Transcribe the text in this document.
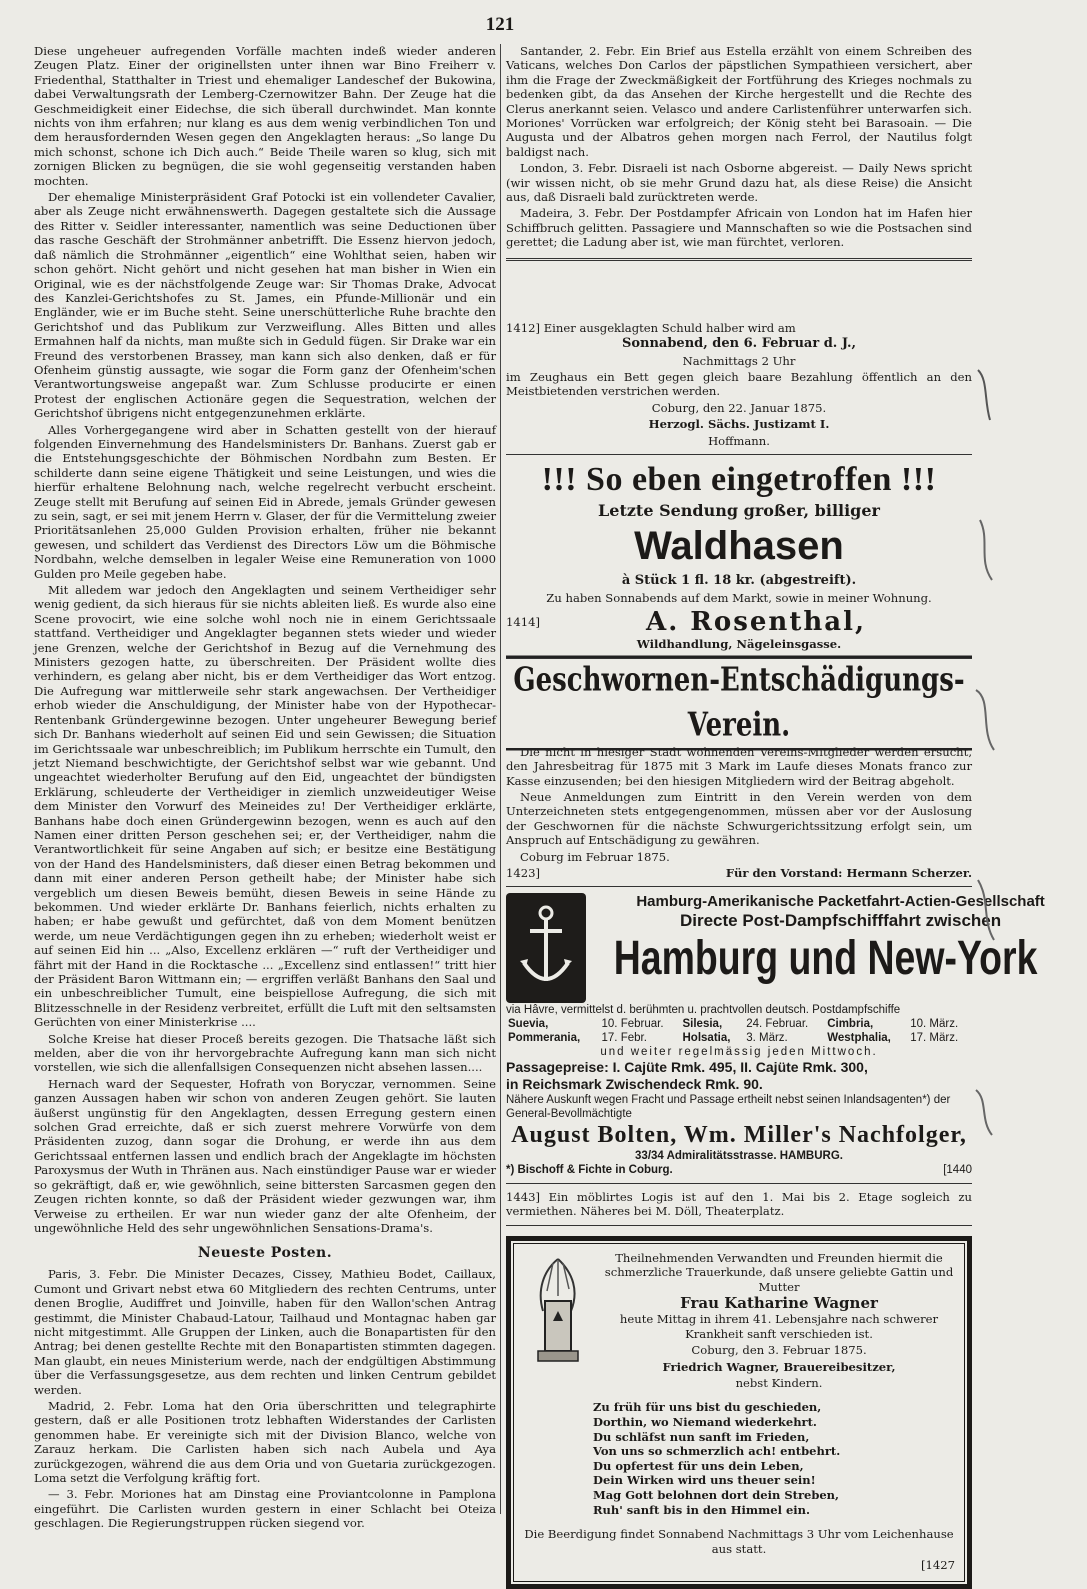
121

Diese ungeheuer aufregenden Vorfälle machten indeß wieder anderen Zeugen Platz. Einer der originellsten unter ihnen war Bino Freiherr v. Friedenthal, Statthalter in Triest und ehemaliger Landeschef der Bukowina, dabei Verwaltungsrath der Lemberg-Czernowitzer Bahn. Der Zeuge hat die Geschmeidigkeit einer Eidechse, die sich überall durchwindet. Man konnte nichts von ihm erfahren; nur klang es aus dem wenig verbindlichen Ton und dem herausfordernden Wesen gegen den Angeklagten heraus: „So lange Du mich schonst, schone ich Dich auch.“ Beide Theile waren so klug, sich mit zornigen Blicken zu begnügen, die sie wohl gegenseitig verstanden haben mochten.

Der ehemalige Ministerpräsident Graf Potocki ist ein vollendeter Cavalier, aber als Zeuge nicht erwähnenswerth. Dagegen gestaltete sich die Aussage des Ritter v. Seidler interessanter, namentlich was seine Deductionen über das rasche Geschäft der Strohmänner anbetrifft. Die Essenz hiervon jedoch, daß nämlich die Strohmänner „eigentlich“ eine Wohlthat seien, haben wir schon gehört. Nicht gehört und nicht gesehen hat man bisher in Wien ein Original, wie es der nächstfolgende Zeuge war: Sir Thomas Drake, Advocat des Kanzlei-Gerichtshofes zu St. James, ein Pfunde-Millionär und ein Engländer, wie er im Buche steht. Seine unerschütterliche Ruhe brachte den Gerichtshof und das Publikum zur Verzweiflung. Alles Bitten und alles Ermahnen half da nichts, man mußte sich in Geduld fügen. Sir Drake war ein Freund des verstorbenen Brassey, man kann sich also denken, daß er für Ofenheim günstig aussagte, wie sogar die Form ganz der Ofenheim'schen Verantwortungsweise angepaßt war. Zum Schlusse producirte er einen Protest der englischen Actionäre gegen die Sequestration, welchen der Gerichtshof übrigens nicht entgegenzunehmen erklärte.

Alles Vorhergegangene wird aber in Schatten gestellt von der hierauf folgenden Einvernehmung des Handelsministers Dr. Banhans. Zuerst gab er die Entstehungsgeschichte der Böhmischen Nordbahn zum Besten. Er schilderte dann seine eigene Thätigkeit und seine Leistungen, und wies die hierfür erhaltene Belohnung nach, welche regelrecht verbucht erscheint. Zeuge stellt mit Berufung auf seinen Eid in Abrede, jemals Gründer gewesen zu sein, sagt, er sei mit jenem Herrn v. Glaser, der für die Vermittelung zweier Prioritätsanlehen 25,000 Gulden Provision erhalten, früher nie bekannt gewesen, und schildert das Verdienst des Directors Löw um die Böhmische Nordbahn, welche demselben in legaler Weise eine Remuneration von 1000 Gulden pro Meile gegeben habe.

Mit alledem war jedoch den Angeklagten und seinem Vertheidiger sehr wenig gedient, da sich hieraus für sie nichts ableiten ließ. Es wurde also eine Scene provocirt, wie eine solche wohl noch nie in einem Gerichtssaale stattfand. Vertheidiger und Angeklagter begannen stets wieder und wieder jene Grenzen, welche der Gerichtshof in Bezug auf die Vernehmung des Ministers gezogen hatte, zu überschreiten. Der Präsident wollte dies verhindern, es gelang aber nicht, bis er dem Vertheidiger das Wort entzog. Die Aufregung war mittlerweile sehr stark angewachsen. Der Vertheidiger erhob wieder die Anschuldigung, der Minister habe von der Hypothecar-Rentenbank Gründergewinne bezogen. Unter ungeheurer Bewegung berief sich Dr. Banhans wiederholt auf seinen Eid und sein Gewissen; die Situation im Gerichtssaale war unbeschreiblich; im Publikum herrschte ein Tumult, den jetzt Niemand beschwichtigte, der Gerichtshof selbst war wie gebannt. Und ungeachtet wiederholter Berufung auf den Eid, ungeachtet der bündigsten Erklärung, schleuderte der Vertheidiger in ziemlich unzweideutiger Weise dem Minister den Vorwurf des Meineides zu! Der Vertheidiger erklärte, Banhans habe doch einen Gründergewinn bezogen, wenn es auch auf den Namen einer dritten Person geschehen sei; er, der Vertheidiger, nahm die Verantwortlichkeit für seine Angaben auf sich; er besitze eine Bestätigung von der Hand des Handelsministers, daß dieser einen Betrag bekommen und dann mit einer anderen Person getheilt habe; der Minister habe sich vergeblich um diesen Beweis bemüht, diesen Beweis in seine Hände zu bekommen. Und wieder erklärte Dr. Banhans feierlich, nichts erhalten zu haben; er habe gewußt und gefürchtet, daß von dem Moment benützen werde, um neue Verdächtigungen gegen ihn zu erheben; wiederholt weist er auf seinen Eid hin ... „Also, Excellenz erklären —“ ruft der Vertheidiger und fährt mit der Hand in die Rocktasche ... „Excellenz sind entlassen!“ tritt hier der Präsident Baron Wittmann ein; — ergriffen verläßt Banhans den Saal und ein unbeschreiblicher Tumult, eine beispiellose Aufregung, die sich mit Blitzesschnelle in der Residenz verbreitet, erfüllt die Luft mit den seltsamsten Gerüchten von einer Ministerkrise ....

Solche Kreise hat dieser Proceß bereits gezogen. Die Thatsache läßt sich melden, aber die von ihr hervorgebrachte Aufregung kann man sich nicht vorstellen, wie sich die allenfallsigen Consequenzen nicht absehen lassen....

Hernach ward der Sequester, Hofrath von Boryczar, vernommen. Seine ganzen Aussagen haben wir schon von anderen Zeugen gehört. Sie lauten äußerst ungünstig für den Angeklagten, dessen Erregung gestern einen solchen Grad erreichte, daß er sich zuerst mehrere Vorwürfe von dem Präsidenten zuzog, dann sogar die Drohung, er werde ihn aus dem Gerichtssaal entfernen lassen und endlich brach der Angeklagte im höchsten Paroxysmus der Wuth in Thränen aus. Nach einstündiger Pause war er wieder so gekräftigt, daß er, wie gewöhnlich, seine bittersten Sarcasmen gegen den Zeugen richten konnte, so daß der Präsident wieder gezwungen war, ihm Verweise zu ertheilen. Er war nun wieder ganz der alte Ofenheim, der ungewöhnliche Held des sehr ungewöhnlichen Sensations-Drama's.

Neueste Posten.

Paris, 3. Febr. Die Minister Decazes, Cissey, Mathieu Bodet, Caillaux, Cumont und Grivart nebst etwa 60 Mitgliedern des rechten Centrums, unter denen Broglie, Audiffret und Joinville, haben für den Wallon'schen Antrag gestimmt, die Minister Chabaud-Latour, Tailhaud und Montagnac haben gar nicht mitgestimmt. Alle Gruppen der Linken, auch die Bonapartisten für den Antrag; bei denen gestellte Rechte mit den Bonapartisten stimmten dagegen. Man glaubt, ein neues Ministerium werde, nach der endgültigen Abstimmung über die Verfassungsgesetze, aus dem rechten und linken Centrum gebildet werden.

Madrid, 2. Febr. Loma hat den Oria überschritten und telegraphirte gestern, daß er alle Positionen trotz lebhaften Widerstandes der Carlisten genommen habe. Er vereinigte sich mit der Division Blanco, welche von Zarauz herkam. Die Carlisten haben sich nach Aubela und Aya zurückgezogen, während die aus dem Oria und von Guetaria zurückgezogen. Loma setzt die Verfolgung kräftig fort.

— 3. Febr. Moriones hat am Dinstag eine Proviantcolonne in Pamplona eingeführt. Die Carlisten wurden gestern in einer Schlacht bei Oteiza geschlagen. Die Regierungstruppen rücken siegend vor.

Santander, 2. Febr. Ein Brief aus Estella erzählt von einem Schreiben des Vaticans, welches Don Carlos der päpstlichen Sympathieen versichert, aber ihm die Frage der Zweckmäßigkeit der Fortführung des Krieges nochmals zu bedenken gibt, da das Ansehen der Kirche hergestellt und die Rechte des Clerus anerkannt seien. Velasco und andere Carlistenführer unterwarfen sich. Moriones' Vorrücken war erfolgreich; der König steht bei Barasoain. — Die Augusta und der Albatros gehen morgen nach Ferrol, der Nautilus folgt baldigst nach.

London, 3. Febr. Disraeli ist nach Osborne abgereist. — Daily News spricht (wir wissen nicht, ob sie mehr Grund dazu hat, als diese Reise) die Ansicht aus, daß Disraeli bald zurücktreten werde.

Madeira, 3. Febr. Der Postdampfer Africain von London hat im Hafen hier Schiffbruch gelitten. Passagiere und Mannschaften so wie die Postsachen sind gerettet; die Ladung aber ist, wie man fürchtet, verloren.

1412] Einer ausgeklagten Schuld halber wird am

Sonnabend, den 6. Februar d. J.,

Nachmittags 2 Uhr

im Zeughaus ein Bett gegen gleich baare Bezahlung öffentlich an den Meistbietenden verstrichen werden.

Coburg, den 22. Januar 1875.

Herzogl. Sächs. Justizamt I.

Hoffmann.

!!! So eben eingetroffen !!!
Letzte Sendung großer, billiger
Waldhasen
à Stück 1 fl. 18 kr. (abgestreift).

Zu haben Sonnabends auf dem Markt, sowie in meiner Wohnung.

1414]	A. Rosenthal,

Wildhandlung, Nägeleinsgasse.

Geschwornen-Entschädigungs-Verein.

Die nicht in hiesiger Stadt wohnenden Vereins-Mitglieder werden ersucht, den Jahresbeitrag für 1875 mit 3 Mark im Laufe dieses Monats franco zur Kasse einzusenden; bei den hiesigen Mitgliedern wird der Beitrag abgeholt.

Neue Anmeldungen zum Eintritt in den Verein werden von dem Unterzeichneten stets entgegengenommen, müssen aber vor der Auslosung der Geschwornen für die nächste Schwurgerichtssitzung erfolgt sein, um Anspruch auf Entschädigung zu gewähren.

Coburg im Februar 1875.

1423]	Für den Vorstand: Hermann Scherzer.
Hamburg-Amerikanische Packetfahrt-Actien-Gesellschaft
Directe Post-Dampfschifffahrt zwischen
Hamburg und New-York
via Hâvre, vermittelst d. berühmten u. prachtvollen deutsch. Postdampfschiffe
Suevia,	10. Februar.	Silesia,	24. Februar.	Cimbria,	10. März.
Pommerania,	17. Febr.	Holsatia,	3. März.	Westphalia,	17. März.
und weiter regelmässig jeden Mittwoch.
Passagepreise: I. Cajüte Rmk. 495, II. Cajüte Rmk. 300,
in Reichsmark Zwischendeck Rmk. 90.
Nähere Auskunft wegen Fracht und Passage ertheilt nebst seinen Inlandsagenten*) der General-Bevollmächtigte
August Bolten, Wm. Miller's Nachfolger,
33/34 Admiralitätsstrasse. HAMBURG.
*) Bischoff & Fichte in Coburg.	[1440

1443] Ein möblirtes Logis ist auf den 1. Mai bis 2. Etage sogleich zu vermiethen. Näheres bei M. Döll, Theaterplatz.

Theilnehmenden Verwandten und Freunden hiermit die schmerzliche Trauerkunde, daß unsere geliebte Gattin und Mutter

Frau Katharine Wagner

heute Mittag in ihrem 41. Lebensjahre nach schwerer Krankheit sanft verschieden ist.

Coburg, den 3. Februar 1875.

Friedrich Wagner, Brauereibesitzer,

nebst Kindern.

Zu früh für uns bist du geschieden,

Dorthin, wo Niemand wiederkehrt.

Du schläfst nun sanft im Frieden,

Von uns so schmerzlich ach! entbehrt.

Du opfertest für uns dein Leben,

Dein Wirken wird uns theuer sein!

Mag Gott belohnen dort dein Streben,

Ruh' sanft bis in den Himmel ein.

Die Beerdigung findet Sonnabend Nachmittags 3 Uhr vom Leichenhause aus statt.

[1427
